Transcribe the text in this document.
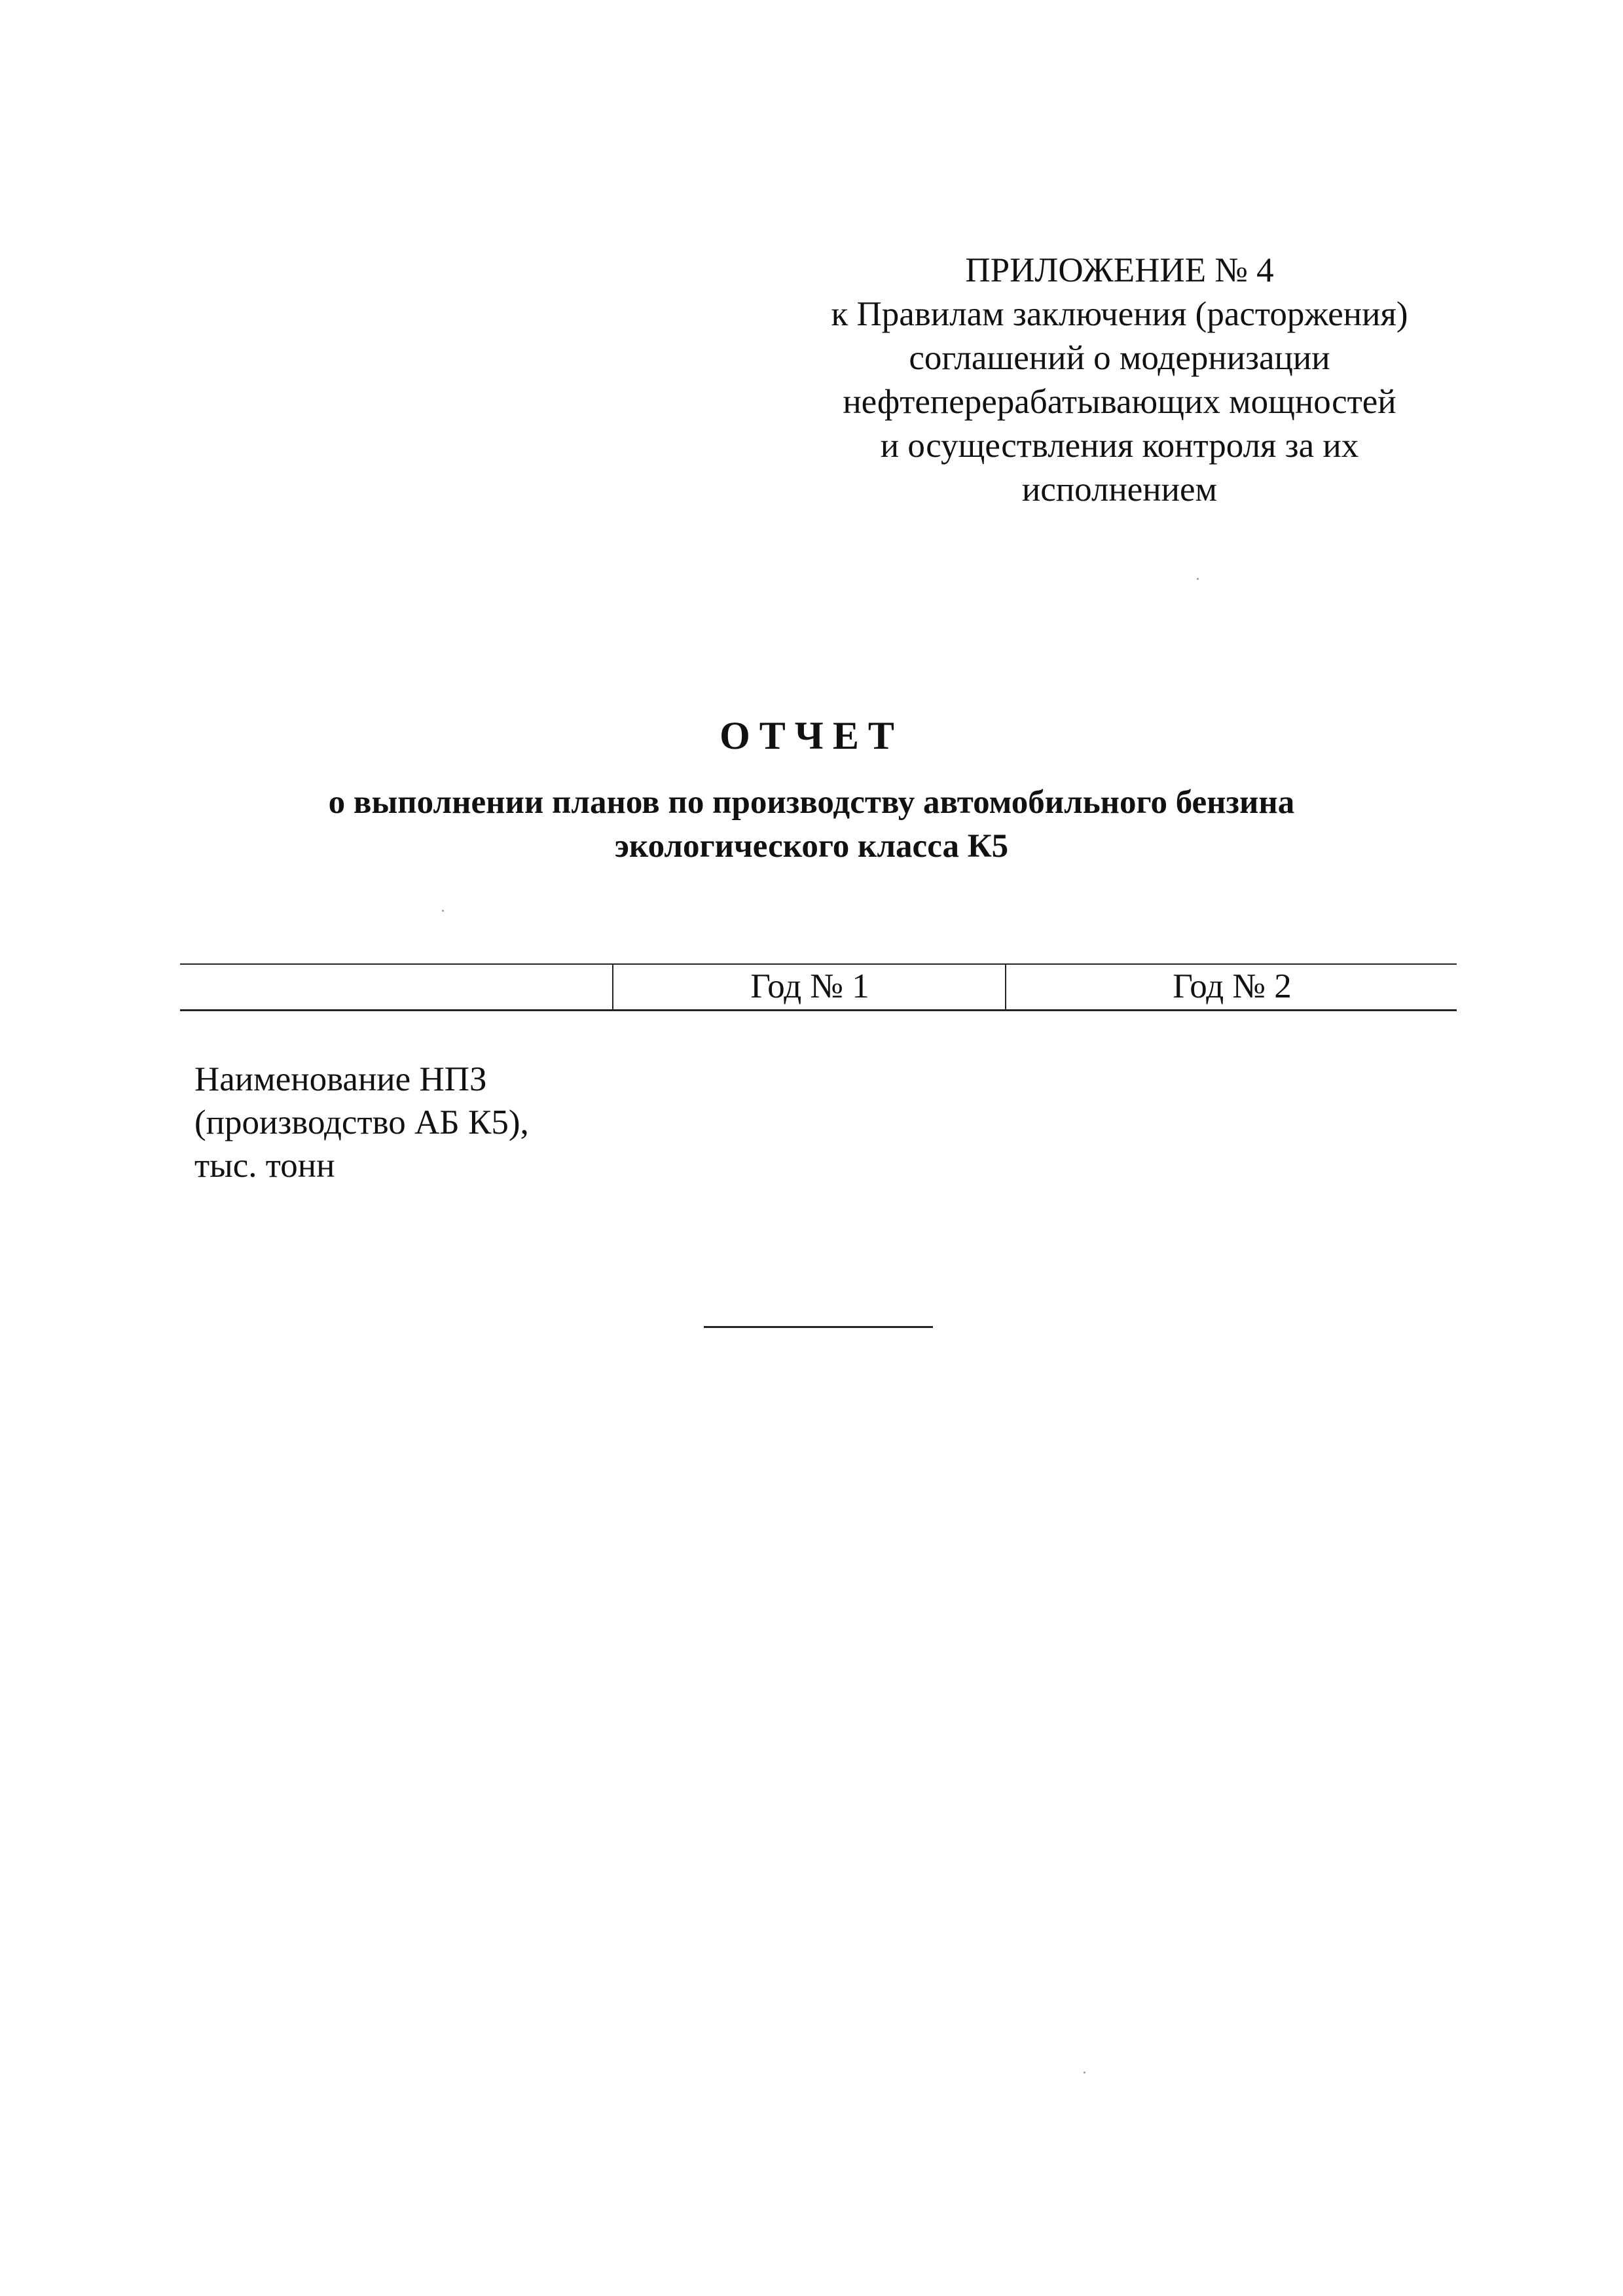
ПРИЛОЖЕНИЕ № 4
к Правилам заключения (расторжения)
соглашений о модернизации
нефтеперерабатывающих мощностей
и осуществления контроля за их
исполнением
ОТЧЕТ
о выполнении планов по производству автомобильного бензина
экологического класса К5
Год № 1	Год № 2
Наименование НПЗ
(производство АБ К5),
тыс. тонн
